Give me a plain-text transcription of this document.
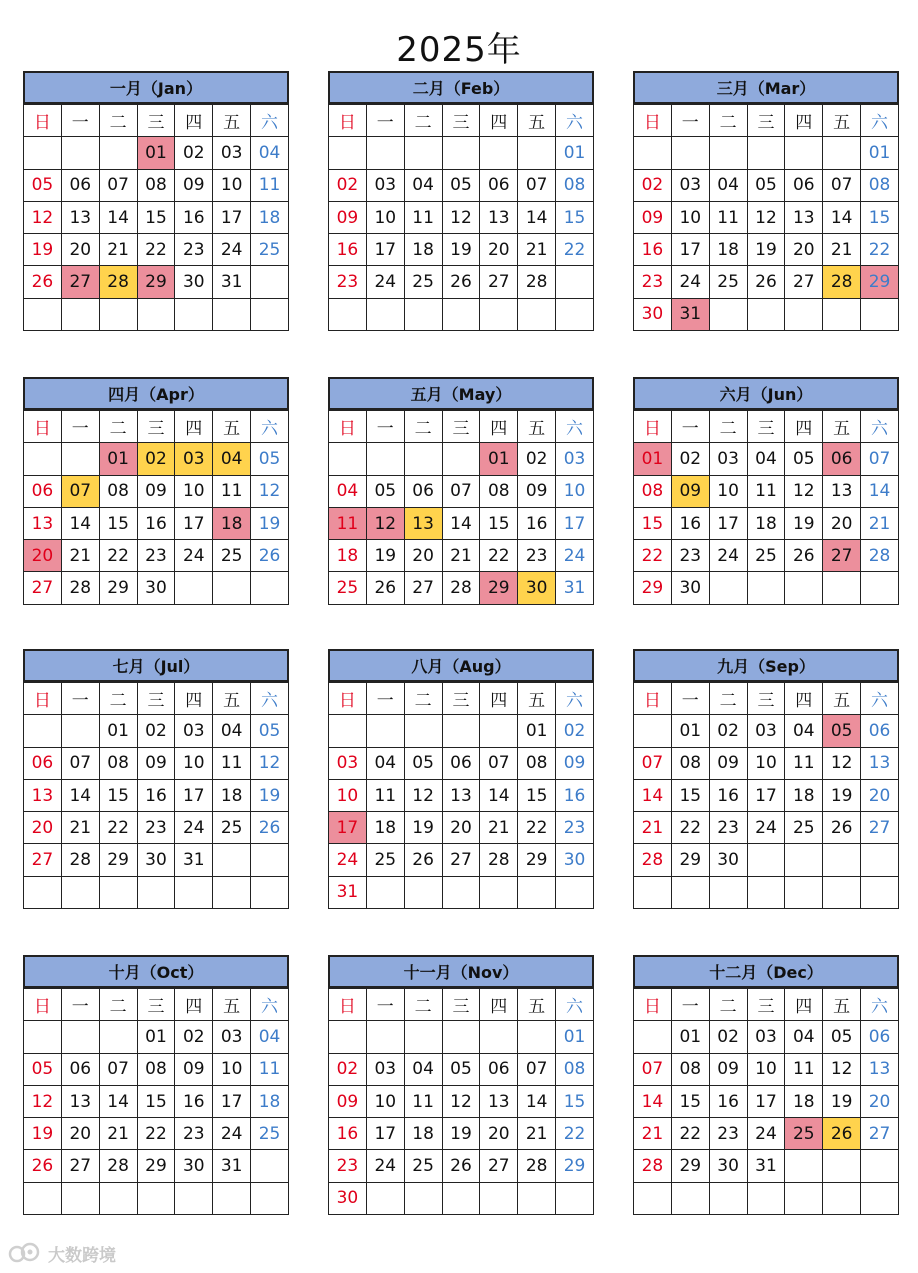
2025年
一月（Jan）
日	一	二	三	四	五	六
			01	02	03	04
05	06	07	08	09	10	11
12	13	14	15	16	17	18
19	20	21	22	23	24	25
26	27	28	29	30	31	

二月（Feb）
日	一	二	三	四	五	六
						01
02	03	04	05	06	07	08
09	10	11	12	13	14	15
16	17	18	19	20	21	22
23	24	25	26	27	28	

三月（Mar）
日	一	二	三	四	五	六
						01
02	03	04	05	06	07	08
09	10	11	12	13	14	15
16	17	18	19	20	21	22
23	24	25	26	27	28	29
30	31					
四月（Apr）
日	一	二	三	四	五	六
		01	02	03	04	05
06	07	08	09	10	11	12
13	14	15	16	17	18	19
20	21	22	23	24	25	26
27	28	29	30			
五月（May）
日	一	二	三	四	五	六
				01	02	03
04	05	06	07	08	09	10
11	12	13	14	15	16	17
18	19	20	21	22	23	24
25	26	27	28	29	30	31
六月（Jun）
日	一	二	三	四	五	六
01	02	03	04	05	06	07
08	09	10	11	12	13	14
15	16	17	18	19	20	21
22	23	24	25	26	27	28
29	30					
七月（Jul）
日	一	二	三	四	五	六
		01	02	03	04	05
06	07	08	09	10	11	12
13	14	15	16	17	18	19
20	21	22	23	24	25	26
27	28	29	30	31		

八月（Aug）
日	一	二	三	四	五	六
					01	02
03	04	05	06	07	08	09
10	11	12	13	14	15	16
17	18	19	20	21	22	23
24	25	26	27	28	29	30
31						
九月（Sep）
日	一	二	三	四	五	六
	01	02	03	04	05	06
07	08	09	10	11	12	13
14	15	16	17	18	19	20
21	22	23	24	25	26	27
28	29	30				

十月（Oct）
日	一	二	三	四	五	六
			01	02	03	04
05	06	07	08	09	10	11
12	13	14	15	16	17	18
19	20	21	22	23	24	25
26	27	28	29	30	31	

十一月（Nov）
日	一	二	三	四	五	六
						01
02	03	04	05	06	07	08
09	10	11	12	13	14	15
16	17	18	19	20	21	22
23	24	25	26	27	28	29
30						
十二月（Dec）
日	一	二	三	四	五	六
	01	02	03	04	05	06
07	08	09	10	11	12	13
14	15	16	17	18	19	20
21	22	23	24	25	26	27
28	29	30	31			

大数跨境
